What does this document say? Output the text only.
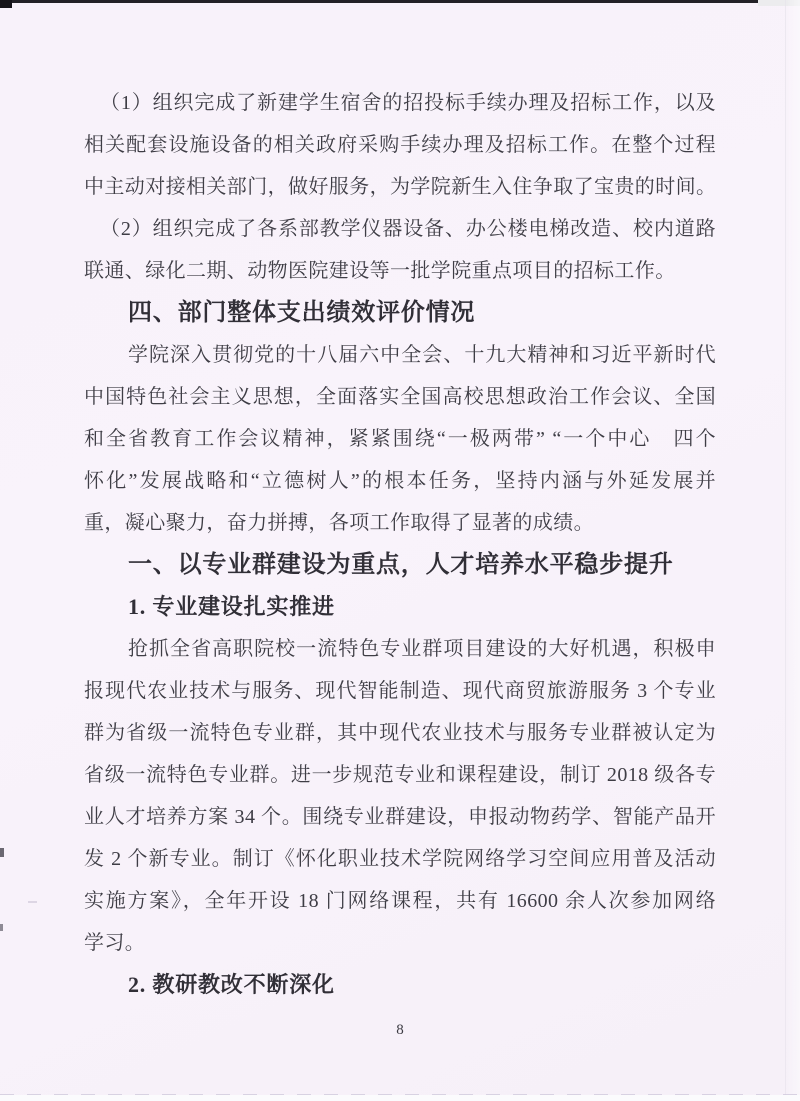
（1）组织完成了新建学生宿舍的招投标手续办理及招标工作，以及
相关配套设施设备的相关政府采购手续办理及招标工作。在整个过程
中主动对接相关部门，做好服务，为学院新生入住争取了宝贵的时间。
（2）组织完成了各系部教学仪器设备、办公楼电梯改造、校内道路
联通、绿化二期、动物医院建设等一批学院重点项目的招标工作。
四、部门整体支出绩效评价情况
学院深入贯彻党的十八届六中全会、十九大精神和习近平新时代
中国特色社会主义思想，全面落实全国高校思想政治工作会议、全国
和全省教育工作会议精神，紧紧围绕“一极两带” “一个中心　四个
怀化”发展战略和“立德树人”的根本任务，坚持内涵与外延发展并
重，凝心聚力，奋力拼搏，各项工作取得了显著的成绩。
一、以专业群建设为重点，人才培养水平稳步提升
1. 专业建设扎实推进
抢抓全省高职院校一流特色专业群项目建设的大好机遇，积极申
报现代农业技术与服务、现代智能制造、现代商贸旅游服务 3 个专业
群为省级一流特色专业群，其中现代农业技术与服务专业群被认定为
省级一流特色专业群。进一步规范专业和课程建设，制订 2018 级各专
业人才培养方案 34 个。围绕专业群建设，申报动物药学、智能产品开
发 2 个新专业。制订《怀化职业技术学院网络学习空间应用普及活动
实施方案》，全年开设 18 门网络课程，共有 16600 余人次参加网络
学习。
2. 教研教改不断深化
8
